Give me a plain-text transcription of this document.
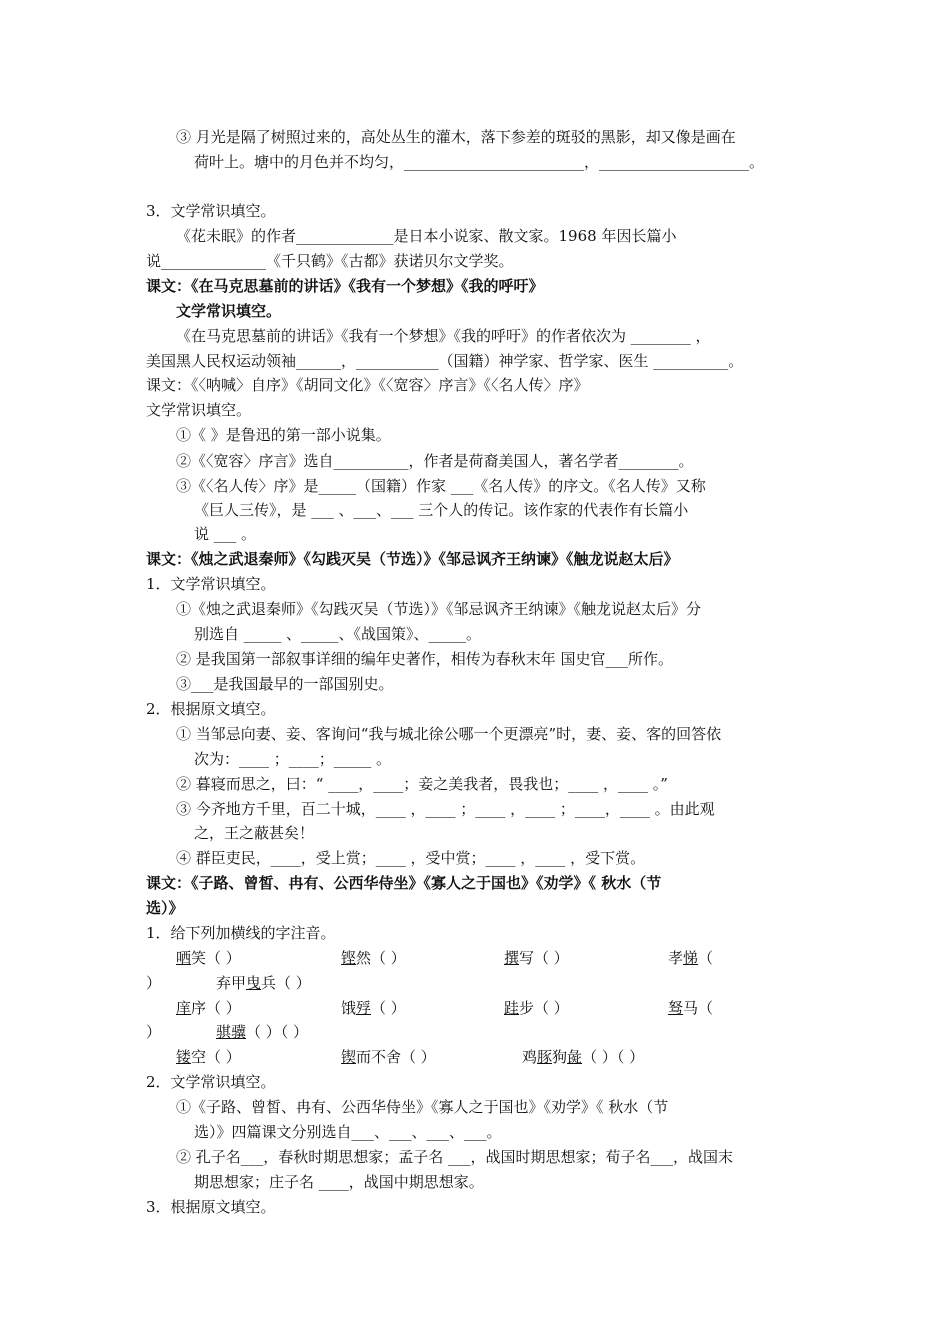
③ 月光是隔了树照过来的，高处丛生的灌木，落下参差的斑驳的黑影，却又像是画在
荷叶上。塘中的月色并不均匀，________________________，____________________。
3．文学常识填空。
《花未眠》的作者_____________是日本小说家、散文家。1968 年因长篇小
说______________《千只鹤》《古都》获诺贝尔文学奖。
课文：《在马克思墓前的讲话》《我有一个梦想》《我的呼吁》
文学常识填空。
《在马克思墓前的讲话》《我有一个梦想》《我的呼吁》的作者依次为 ________ ，
美国黑人民权运动领袖______，___________（国籍）神学家、哲学家、医生 __________。
课文：《〈呐喊〉自序》《胡同文化》《〈宽容〉序言》《〈名人传〉序》
文学常识填空。
①《 》是鲁迅的第一部小说集。
②《〈宽容〉序言》选自__________，作者是荷裔美国人，著名学者________。
③《〈名人传〉序》是_____（国籍）作家 ___《名人传》的序文。《名人传》又称
《巨人三传》，是 ___ 、___、___ 三个人的传记。该作家的代表作有长篇小
说 ___ 。
课文：《烛之武退秦师》《勾践灭吴（节选）》《邹忌讽齐王纳谏》《触龙说赵太后》
1．文学常识填空。
①《烛之武退秦师》《勾践灭吴（节选）》《邹忌讽齐王纳谏》《触龙说赵太后》分
别选自 _____ 、_____、《战国策》、_____。
② 是我国第一部叙事详细的编年史著作，相传为春秋末年 国史官___所作。
③___是我国最早的一部国别史。
2．根据原文填空。
① 当邹忌向妻、妾、客询问“我与城北徐公哪一个更漂亮”时，妻、妾、客的回答依
次为：____ ；____；_____ 。
② 暮寝而思之，曰：“ ____，____；妾之美我者，畏我也；____ ，____ 。”
③ 今齐地方千里，百二十城，____ ，____ ；____ ，____ ；____，____ 。由此观
之，王之蔽甚矣！
④ 群臣吏民，____，受上赏；____ ，受中赏；____ ，____ ，受下赏。
课文：《子路、曾皙、冉有、公西华侍坐》《寡人之于国也》《劝学》《 秋水（节
选）》
1．给下列加横线的字注音。
哂笑（ ）	铿然（ ）	撰写（ ）	孝悌（
）	弃甲曳兵（ ）
庠序（ ）	饿殍（ ）	跬步（ ）	驽马（
）	骐骥（ ）（ ）
镂空（ ）	锲而不舍（ ）	鸡豚狗彘（ ）（ ）
2．文学常识填空。
①《子路、曾皙、冉有、公西华侍坐》《寡人之于国也》《劝学》《 秋水（节
选）》四篇课文分别选自___、___、___、___。
② 孔子名___，春秋时期思想家；孟子名 ___，战国时期思想家；荀子名___，战国末
期思想家；庄子名 ____，战国中期思想家。
3．根据原文填空。
